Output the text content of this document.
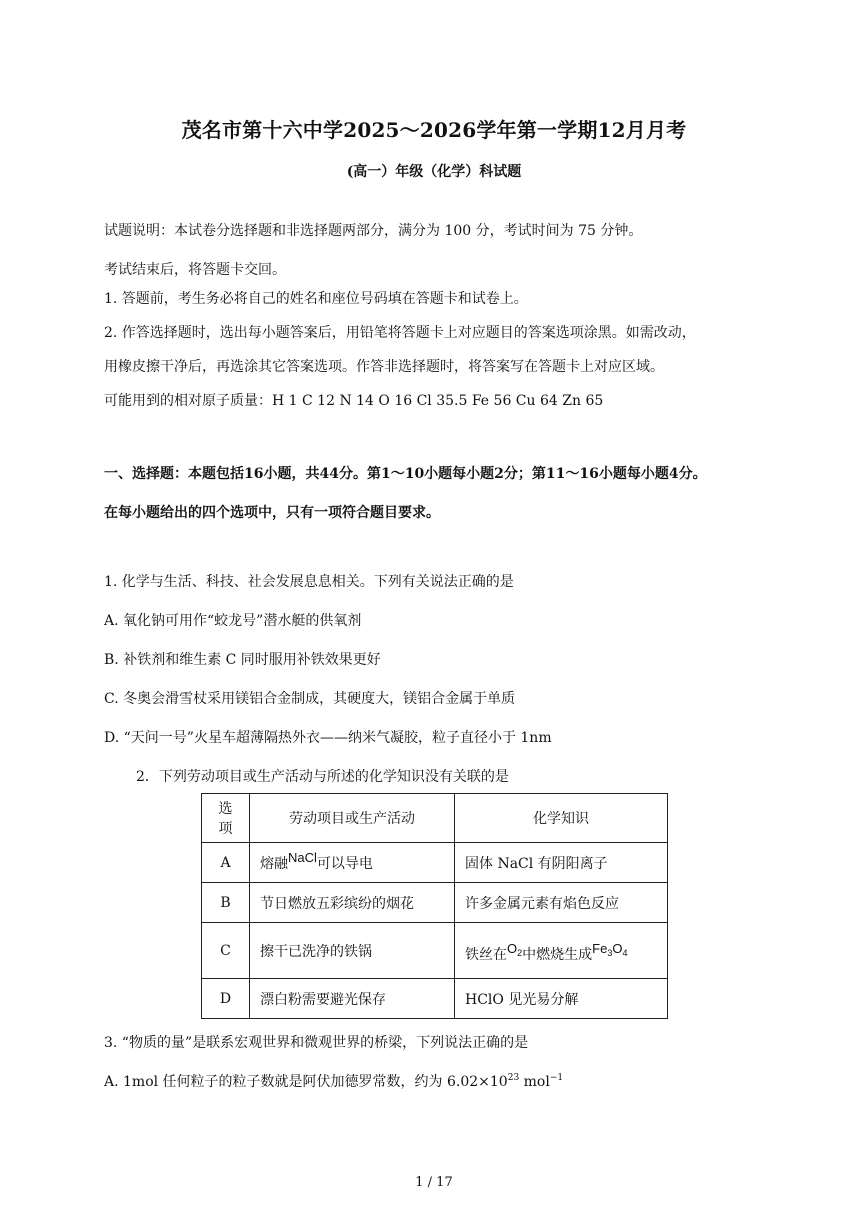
茂名市第十六中学2025～2026学年第一学期12月月考
(高一）年级（化学）科试题
试题说明：本试卷分选择题和非选择题两部分，满分为 100 分，考试时间为 75 分钟。
考试结束后，将答题卡交回。
1. 答题前，考生务必将自己的姓名和座位号码填在答题卡和试卷上。
2. 作答选择题时，选出每小题答案后，用铅笔将答题卡上对应题目的答案选项涂黑。如需改动，
用橡皮擦干净后，再选涂其它答案选项。作答非选择题时，将答案写在答题卡上对应区域。
可能用到的相对原子质量：H 1 C 12 N 14 O 16 Cl 35.5 Fe 56 Cu 64 Zn 65
一、选择题：本题包括16小题，共44分。第1～10小题每小题2分；第11～16小题每小题4分。
在每小题给出的四个选项中，只有一项符合题目要求。
1. 化学与生活、科技、社会发展息息相关。下列有关说法正确的是
A. 氧化钠可用作“蛟龙号”潜水艇的供氧剂
B. 补铁剂和维生素 C 同时服用补铁效果更好
C. 冬奥会滑雪杖采用镁铝合金制成，其硬度大，镁铝合金属于单质
D. “天问一号”火星车超薄隔热外衣——纳米气凝胶，粒子直径小于 1nm
2．下列劳动项目或生产活动与所述的化学知识没有关联的是
选项	劳动项目或生产活动	化学知识
A	熔融NaCl可以导电	固体 NaCl 有阴阳离子
B	节日燃放五彩缤纷的烟花	许多金属元素有焰色反应
C	擦干已洗净的铁锅	铁丝在$O_2$中燃烧生成$Fe_3O_4$
D	漂白粉需要避光保存	HClO 见光易分解
3. “物质的量”是联系宏观世界和微观世界的桥梁，下列说法正确的是
A. 1mol 任何粒子的粒子数就是阿伏加德罗常数，约为 $6.02\times 10^{23}$ mol$^{-1}$
1 / 17
